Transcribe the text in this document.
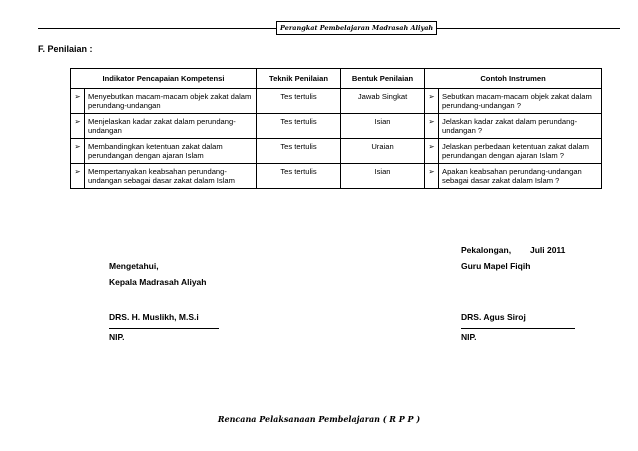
Perangkat Pembelajaran Madrasah Aliyah
F. Penilaian :
Indikator Pencapaian Kompetensi		Teknik Penilaian	Bentuk Penilaian	Contoh Instrumen	
➢	Menyebutkan macam-macam objek zakat dalam perundang-undangan	Tes tertulis	Jawab Singkat	➢	Sebutkan macam-macam objek zakat dalam perundang-undangan ?
➢	Menjelaskan kadar zakat dalam perundang-undangan	Tes tertulis	Isian	➢	Jelaskan kadar zakat dalam perundang-undangan ?
➢	Membandingkan ketentuan zakat dalam perundangan dengan ajaran Islam	Tes tertulis	Uraian	➢	Jelaskan perbedaan ketentuan zakat dalam perundangan dengan ajaran Islam ?
➢	Mempertanyakan keabsahan perundang-undangan sebagai dasar zakat dalam Islam	Tes tertulis	Isian	➢	Apakan keabsahan perundang-undangan sebagai dasar zakat dalam Islam ?
Pekalongan,        Juli 2011
Guru Mapel Fiqih
Mengetahui,
Kepala Madrasah Aliyah
DRS. H. Muslikh, M.S.i
NIP.
DRS. Agus Siroj
NIP.
Rencana Pelaksanaan Pembelajaran ( R P P )
